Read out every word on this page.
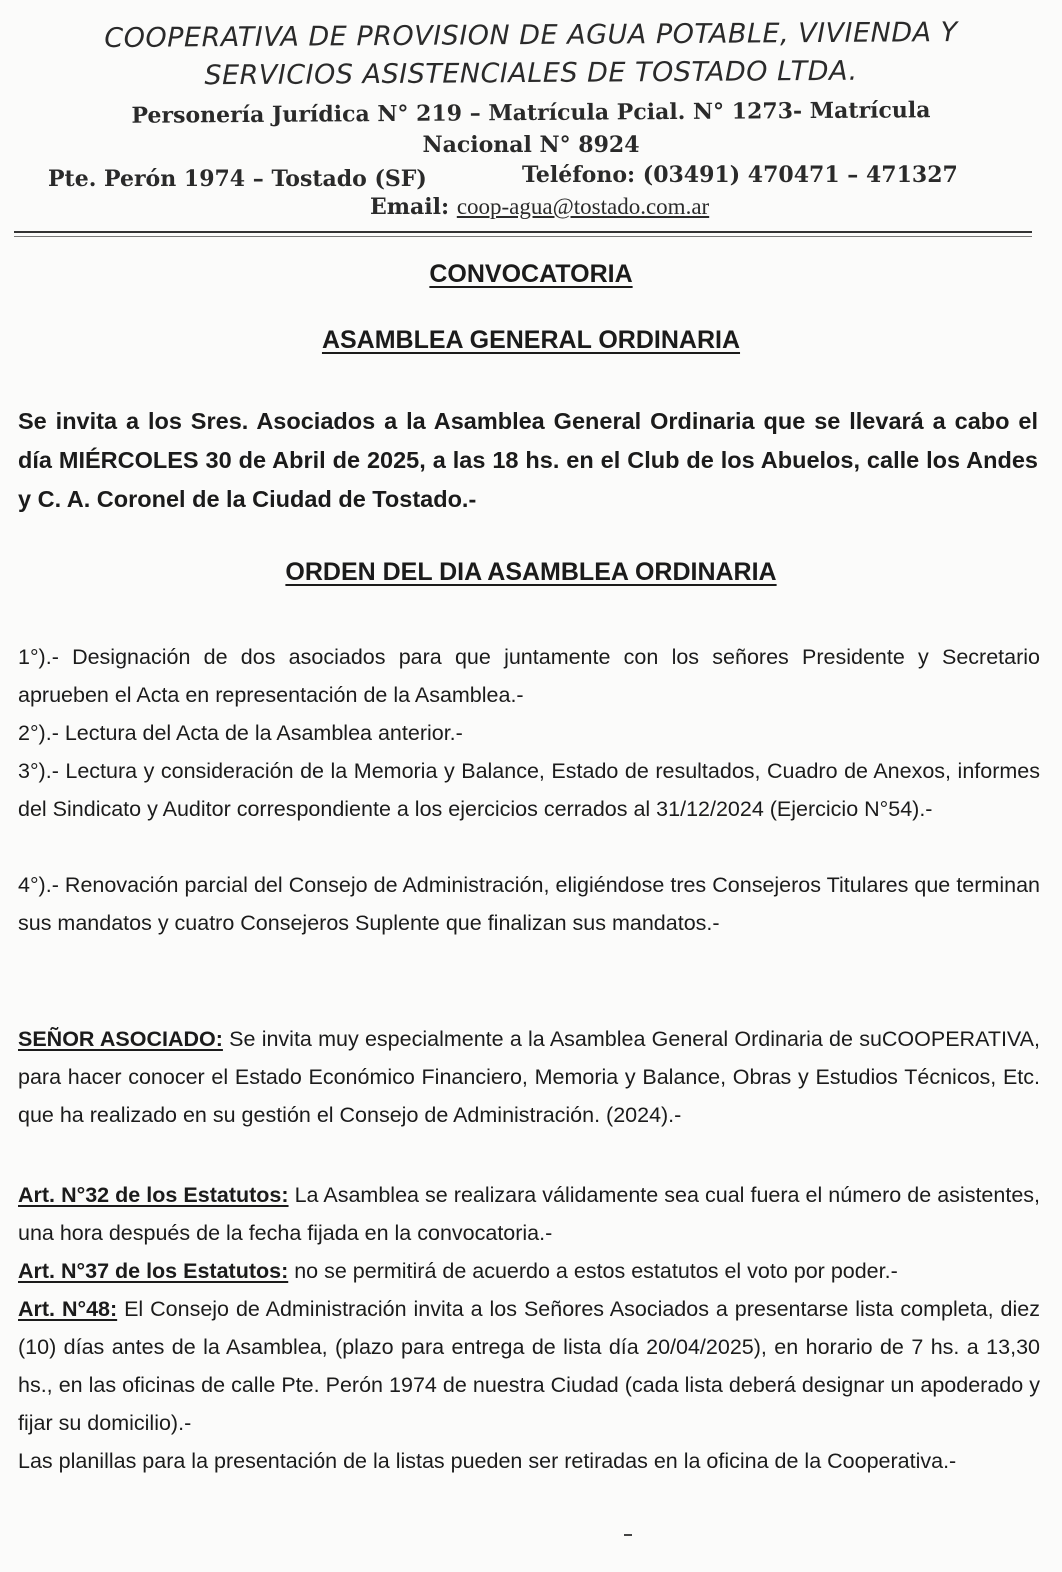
COOPERATIVA DE PROVISION DE AGUA POTABLE, VIVIENDA Y
SERVICIOS ASISTENCIALES DE TOSTADO LTDA.
Personería Jurídica N° 219 – Matrícula Pcial. N° 1273- Matrícula
Nacional N° 8924
Pte. Perón 1974 – Tostado (SF)	Teléfono: (03491) 470471 – 471327
Email: coop-agua@tostado.com.ar
CONVOCATORIA
ASAMBLEA GENERAL ORDINARIA
Se invita a los Sres. Asociados a la Asamblea General Ordinaria que se llevará a cabo el día MIÉRCOLES 30 de Abril de 2025, a las 18 hs. en el Club de los Abuelos, calle los Andes y C. A. Coronel de la Ciudad de Tostado.-
ORDEN DEL DIA ASAMBLEA ORDINARIA
1°).- Designación de dos asociados para que juntamente con los señores Presidente y Secretario aprueben el Acta en representación de la Asamblea.-
2°).- Lectura del Acta de la Asamblea anterior.-
3°).- Lectura y consideración de la Memoria y Balance, Estado de resultados, Cuadro de Anexos, informes del Sindicato y Auditor correspondiente a los ejercicios cerrados al 31/12/2024 (Ejercicio N°54).-
4°).- Renovación parcial del Consejo de Administración, eligiéndose tres Consejeros Titulares que terminan sus mandatos y cuatro Consejeros Suplente que finalizan sus mandatos.-
SEÑOR ASOCIADO: Se invita muy especialmente a la Asamblea General Ordinaria de suCOOPERATIVA, para hacer conocer el Estado Económico Financiero, Memoria y Balance, Obras y Estudios Técnicos, Etc. que ha realizado en su gestión el Consejo de Administración. (2024).-
Art. N°32 de los Estatutos: La Asamblea se realizara válidamente sea cual fuera el número de asistentes, una hora después de la fecha fijada en la convocatoria.-
Art. N°37 de los Estatutos: no se permitirá de acuerdo a estos estatutos el voto por poder.-
Art. N°48: El Consejo de Administración invita a los Señores Asociados a presentarse lista completa, diez (10) días antes de la Asamblea, (plazo para entrega de lista día 20/04/2025), en horario de 7 hs. a 13,30 hs., en las oficinas de calle Pte. Perón 1974 de nuestra Ciudad (cada lista deberá designar un apoderado y fijar su domicilio).-
Las planillas para la presentación de la listas pueden ser retiradas en la oficina de la Cooperativa.-
